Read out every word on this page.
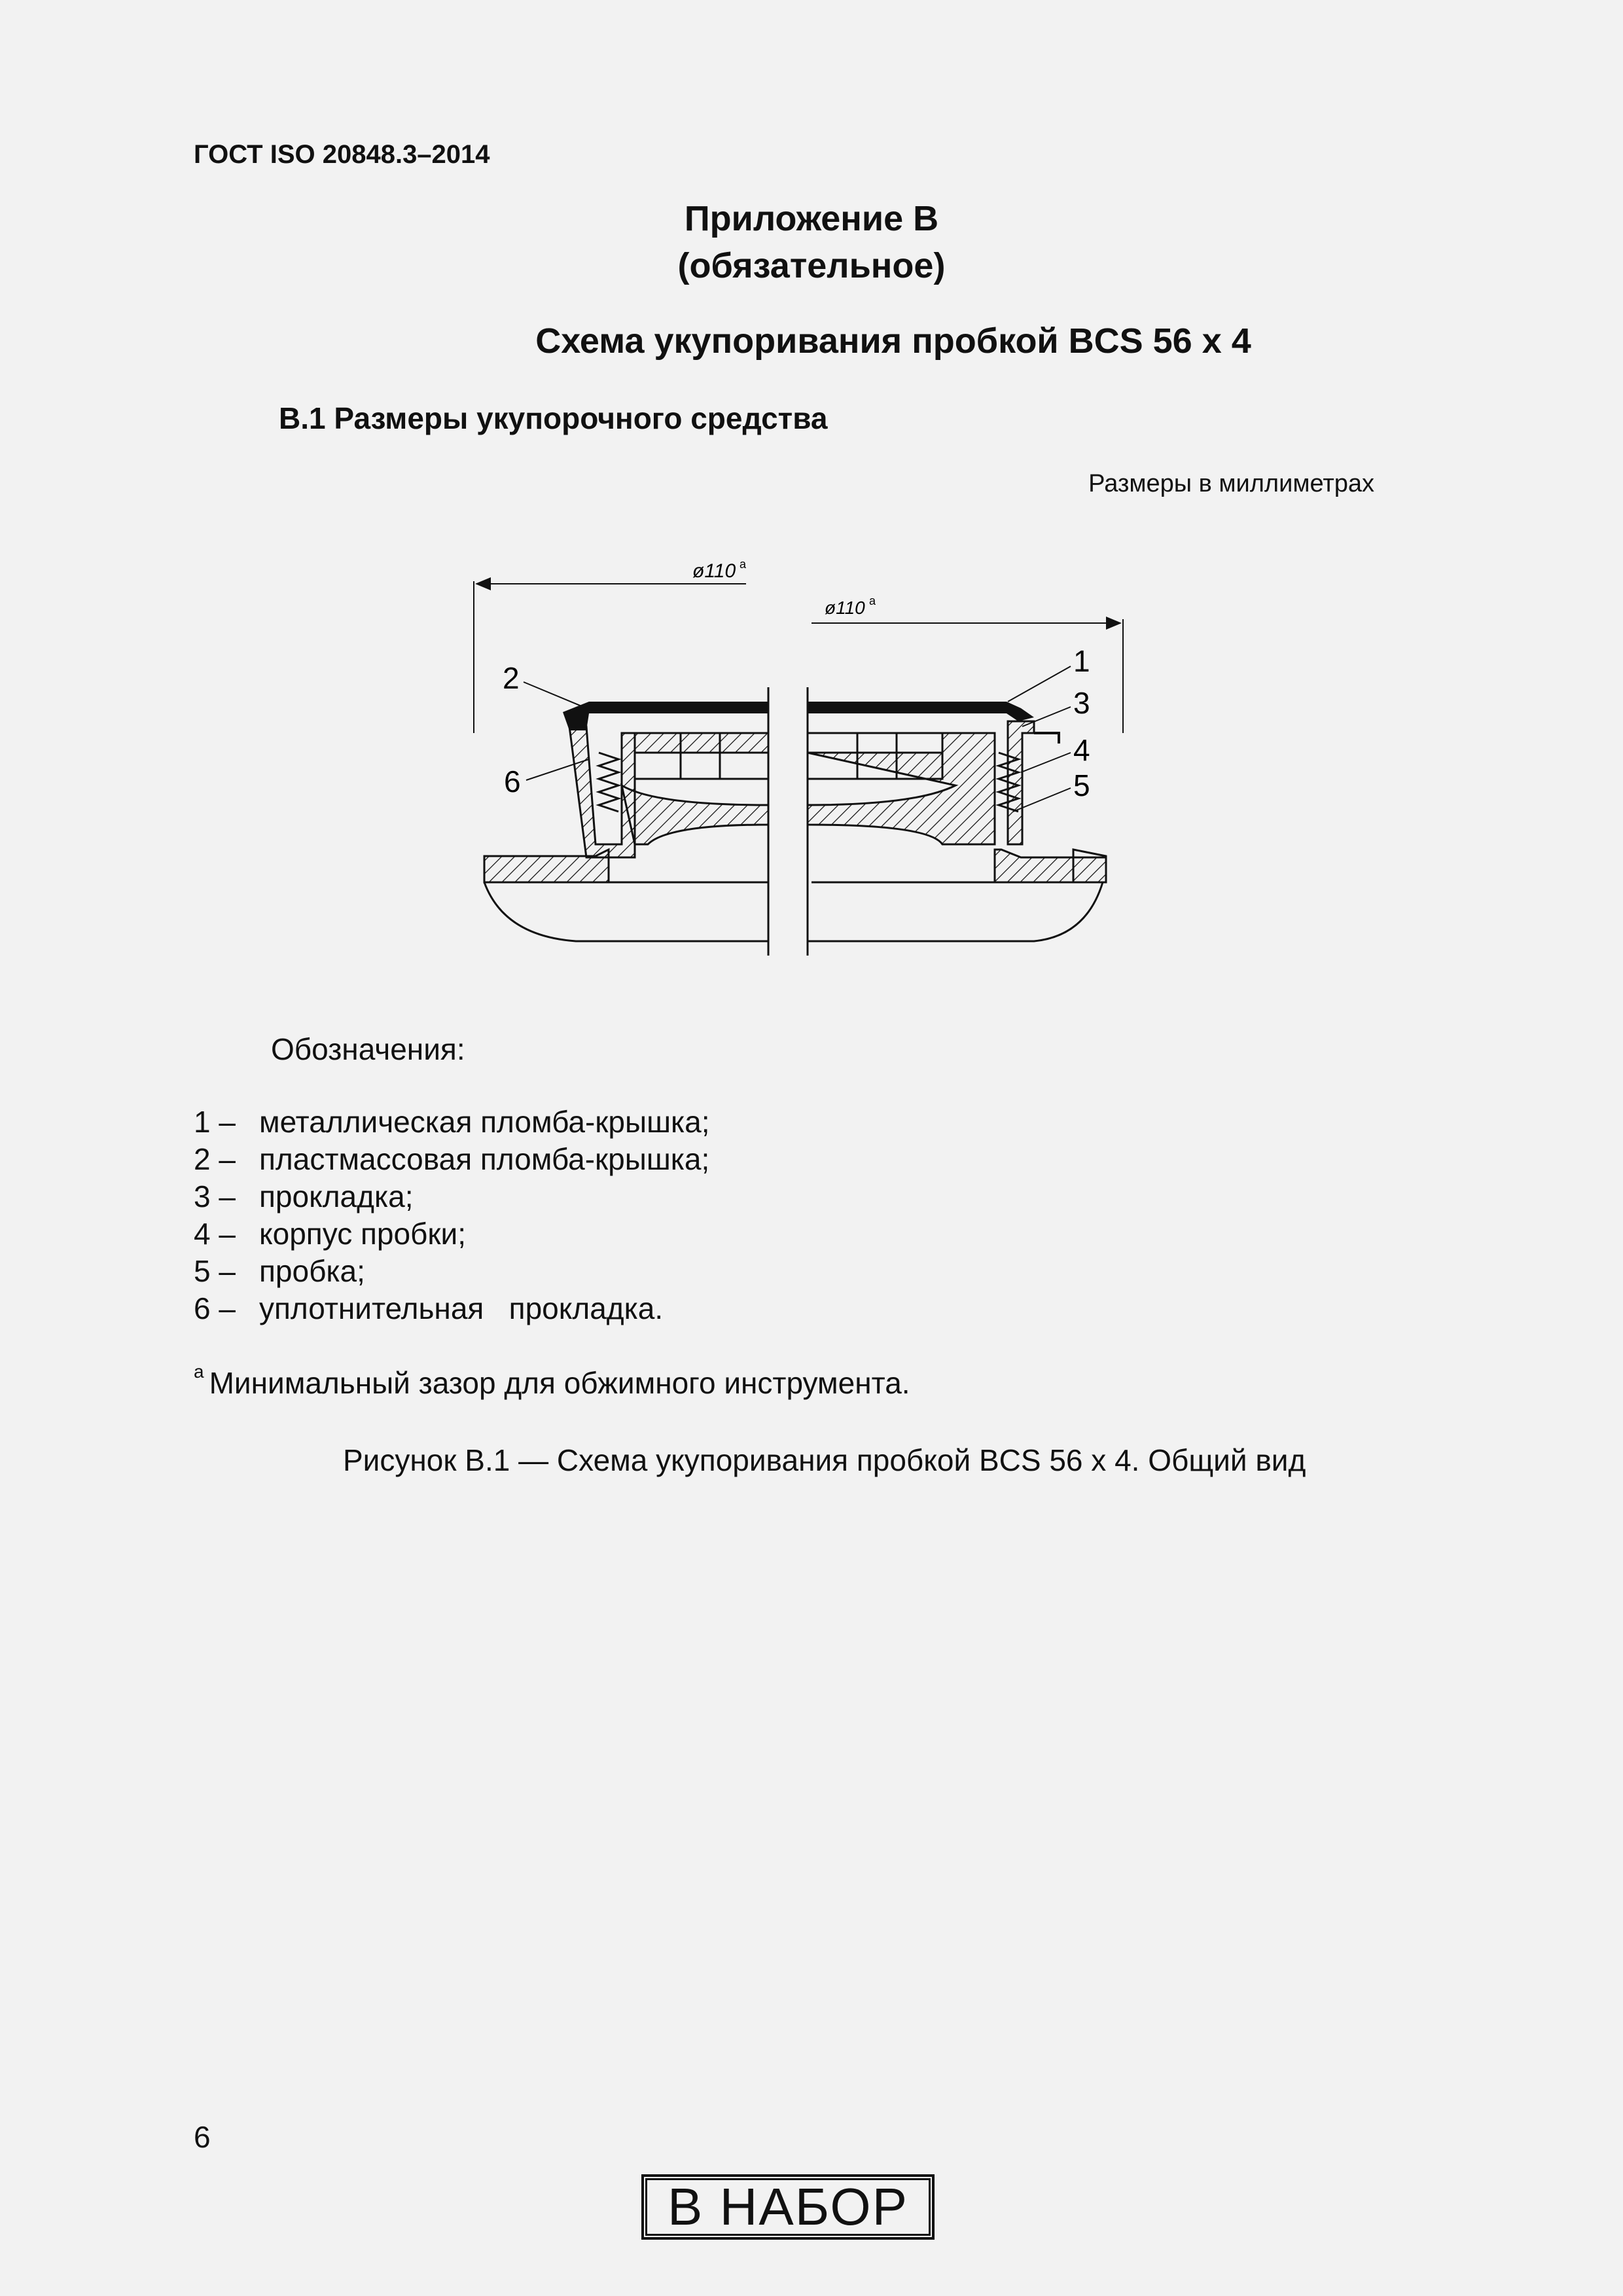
ГОСТ ISO 20848.3–2014
Приложение В
(обязательное)
Схема укупоривания пробкой BCS 56 x 4
В.1 Размеры укупорочного средства
Размеры в миллиметрах
ø110 a
ø110 a
2
6
1
3
4
5
Обозначения:
1 – металлическая пломба-крышка;
2 – пластмассовая пломба-крышка;
3 – прокладка;
4 – корпус пробки;
5 – пробка;
6 – уплотнительная   прокладка.
$^a$ Минимальный зазор для обжимного инструмента.
Рисунок В.1 — Схема укупоривания пробкой BCS 56 x 4. Общий вид
6
В НАБОР
